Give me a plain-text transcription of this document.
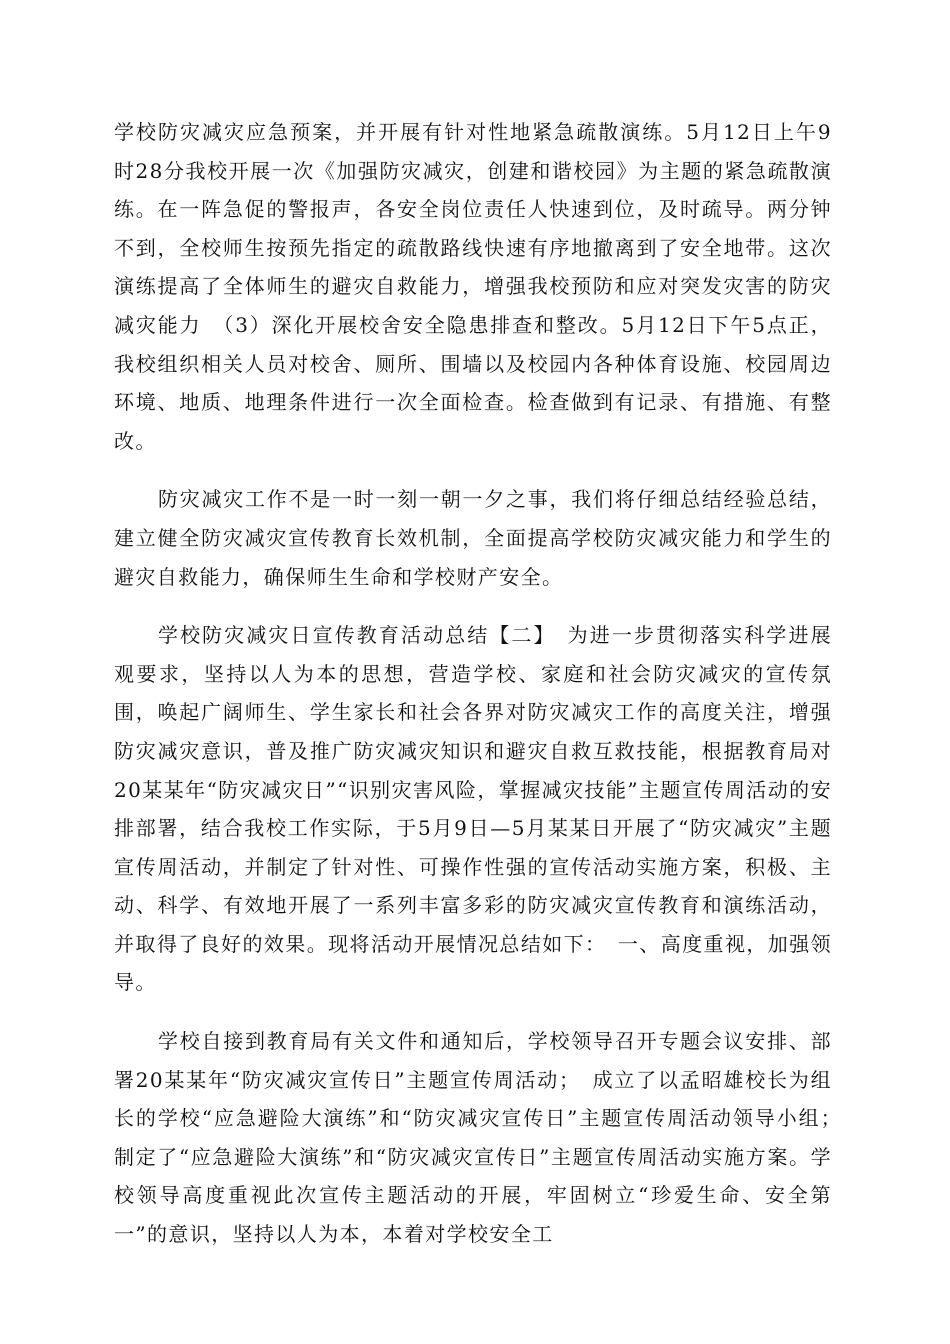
学校防灾减灾应急预案，并开展有针对性地紧急疏散演练。5月12日上午9时28分我校开展一次《加强防灾减灾，创建和谐校园》为主题的紧急疏散演练。在一阵急促的警报声，各安全岗位责任人快速到位，及时疏导。两分钟不到，全校师生按预先指定的疏散路线快速有序地撤离到了安全地带。这次演练提高了全体师生的避灾自救能力，增强我校预防和应对突发灾害的防灾减灾能力　（3）深化开展校舍安全隐患排查和整改。5月12日下午5点正，我校组织相关人员对校舍、厕所、围墙以及校园内各种体育设施、校园周边环境、地质、地理条件进行一次全面检查。检查做到有记录、有措施、有整改。

防灾减灾工作不是一时一刻一朝一夕之事，我们将仔细总结经验总结，建立健全防灾减灾宣传教育长效机制，全面提高学校防灾减灾能力和学生的避灾自救能力，确保师生生命和学校财产安全。

学校防灾减灾日宣传教育活动总结【二】　为进一步贯彻落实科学进展观要求，坚持以人为本的思想，营造学校、家庭和社会防灾减灾的宣传氛围，唤起广阔师生、学生家长和社会各界对防灾减灾工作的高度关注，增强防灾减灾意识，普及推广防灾减灾知识和避灾自救互救技能，根据教育局对20某某年“防灾减灾日”“识别灾害风险，掌握减灾技能”主题宣传周活动的安排部署，结合我校工作实际，于5月9日—5月某某日开展了“防灾减灾”主题宣传周活动，并制定了针对性、可操作性强的宣传活动实施方案，积极、主动、科学、有效地开展了一系列丰富多彩的防灾减灾宣传教育和演练活动，并取得了良好的效果。现将活动开展情况总结如下：　一、高度重视，加强领导。

学校自接到教育局有关文件和通知后，学校领导召开专题会议安排、部署20某某年“防灾减灾宣传日”主题宣传周活动；　成立了以孟昭雄校长为组长的学校“应急避险大演练”和“防灾减灾宣传日”主题宣传周活动领导小组；　制定了“应急避险大演练”和“防灾减灾宣传日”主题宣传周活动实施方案。学校领导高度重视此次宣传主题活动的开展，牢固树立“珍爱生命、安全第一”的意识，坚持以人为本，本着对学校安全工
